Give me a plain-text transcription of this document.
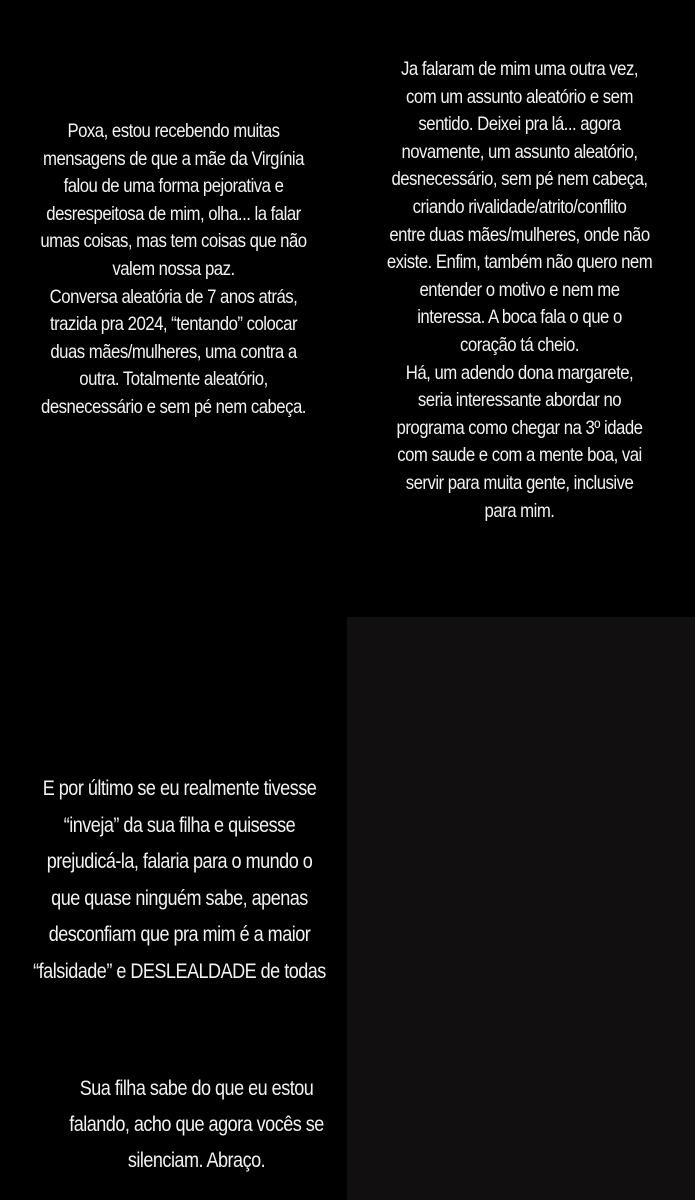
Poxa, estou recebendo muitas
mensagens de que a mãe da Virgínia
falou de uma forma pejorativa e
desrespeitosa de mim, olha... la falar
umas coisas, mas tem coisas que não
valem nossa paz.
Conversa aleatória de 7 anos atrás,
trazida pra 2024, “tentando” colocar
duas mães/mulheres, uma contra a
outra. Totalmente aleatório,
desnecessário e sem pé nem cabeça.
Ja falaram de mim uma outra vez,
com um assunto aleatório e sem
sentido. Deixei pra lá... agora
novamente, um assunto aleatório,
desnecessário, sem pé nem cabeça,
criando rivalidade/atrito/conflito
entre duas mães/mulheres, onde não
existe. Enfim, também não quero nem
entender o motivo e nem me
interessa. A boca fala o que o
coração tá cheio.
Há, um adendo dona margarete,
seria interessante abordar no
programa como chegar na 3º idade
com saude e com a mente boa, vai
servir para muita gente, inclusive
para mim.
E por último se eu realmente tivesse
“inveja” da sua filha e quisesse
prejudicá-la, falaria para o mundo o
que quase ninguém sabe, apenas
desconfiam que pra mim é a maior
“falsidade” e DESLEALDADE de todas
Sua filha sabe do que eu estou
falando, acho que agora vocês se
silenciam. Abraço.
